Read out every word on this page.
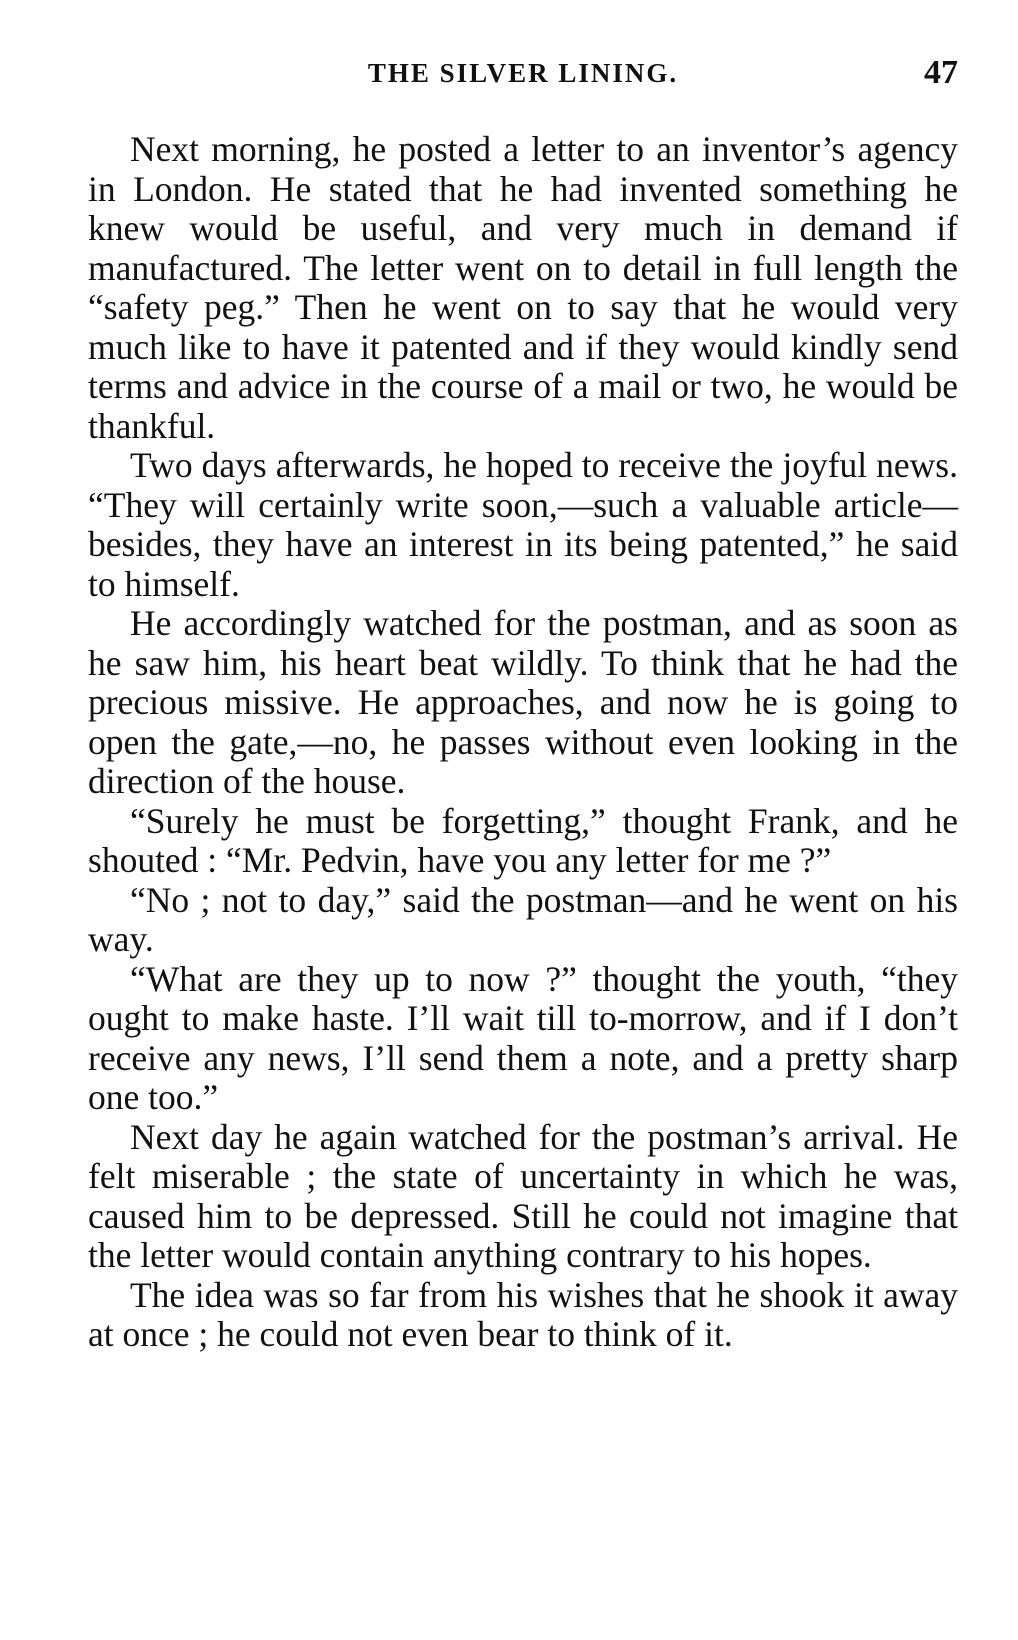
THE SILVER LINING.	47

Next morning, he posted a letter to an inventor’s agency in London. He stated that he had invented something he knew would be useful, and very much in demand if manufactured. The letter went on to detail in full length the “safety peg.” Then he went on to say that he would very much like to have it patented and if they would kindly send terms and advice in the course of a mail or two, he would be thankful.

Two days afterwards, he hoped to receive the joyful news. “They will certainly write soon,—such a valuable article—besides, they have an interest in its being patented,” he said to himself.

He accordingly watched for the postman, and as soon as he saw him, his heart beat wildly. To think that he had the precious missive. He approaches, and now he is going to open the gate,—no, he passes without even looking in the direction of the house.

“Surely he must be forgetting,” thought Frank, and he shouted : “Mr. Pedvin, have you any letter for me ?”

“No ; not to day,” said the postman—and he went on his way.

“What are they up to now ?” thought the youth, “they ought to make haste. I’ll wait till to-morrow, and if I don’t receive any news, I’ll send them a note, and a pretty sharp one too.”

Next day he again watched for the postman’s arrival. He felt miserable ; the state of uncertainty in which he was, caused him to be depressed. Still he could not imagine that the letter would contain anything contrary to his hopes.

The idea was so far from his wishes that he shook it away at once ; he could not even bear to think of it.
